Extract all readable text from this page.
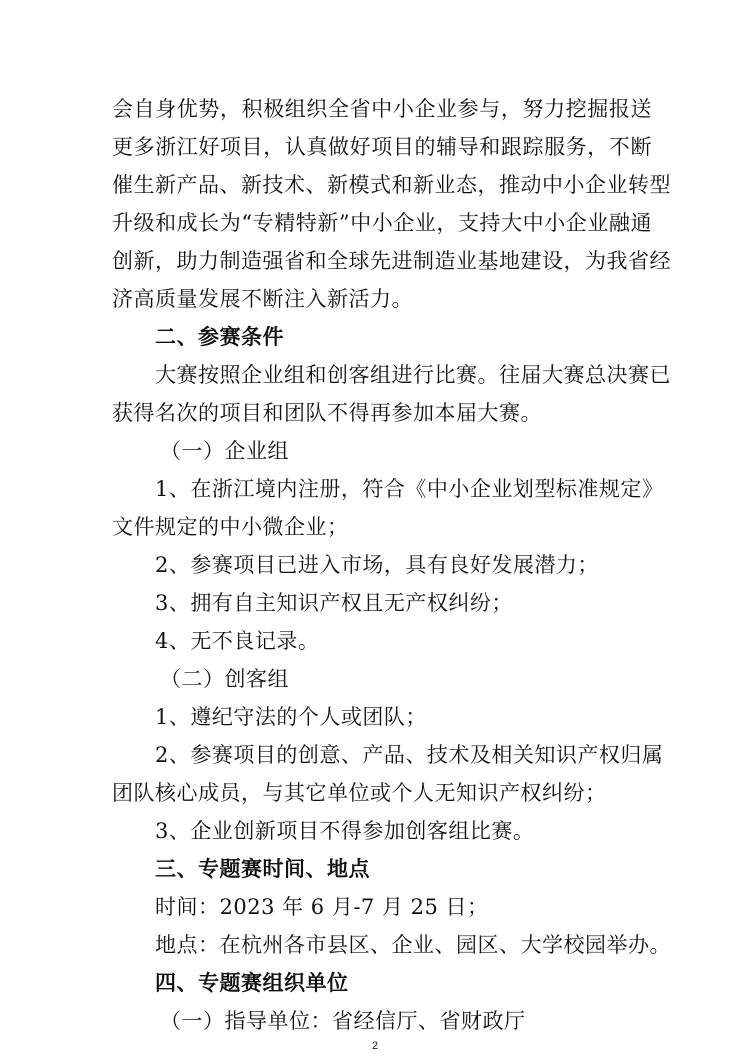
会自身优势，积极组织全省中小企业参与，努力挖掘报送
更多浙江好项目，认真做好项目的辅导和跟踪服务，不断
催生新产品、新技术、新模式和新业态，推动中小企业转型
升级和成长为“专精特新”中小企业，支持大中小企业融通
创新，助力制造强省和全球先进制造业基地建设，为我省经
济高质量发展不断注入新活力。
二、参赛条件
大赛按照企业组和创客组进行比赛。往届大赛总决赛已
获得名次的项目和团队不得再参加本届大赛。
（一）企业组
1、在浙江境内注册，符合《中小企业划型标准规定》
文件规定的中小微企业；
2、参赛项目已进入市场，具有良好发展潜力；
3、拥有自主知识产权且无产权纠纷；
4、无不良记录。
（二）创客组
1、遵纪守法的个人或团队；
2、参赛项目的创意、产品、技术及相关知识产权归属
团队核心成员，与其它单位或个人无知识产权纠纷；
3、企业创新项目不得参加创客组比赛。
三、专题赛时间、地点
时间：2023 年 6 月-7 月 25 日；
地点：在杭州各市县区、企业、园区、大学校园举办。
四、专题赛组织单位
（一）指导单位：省经信厅、省财政厅
2
